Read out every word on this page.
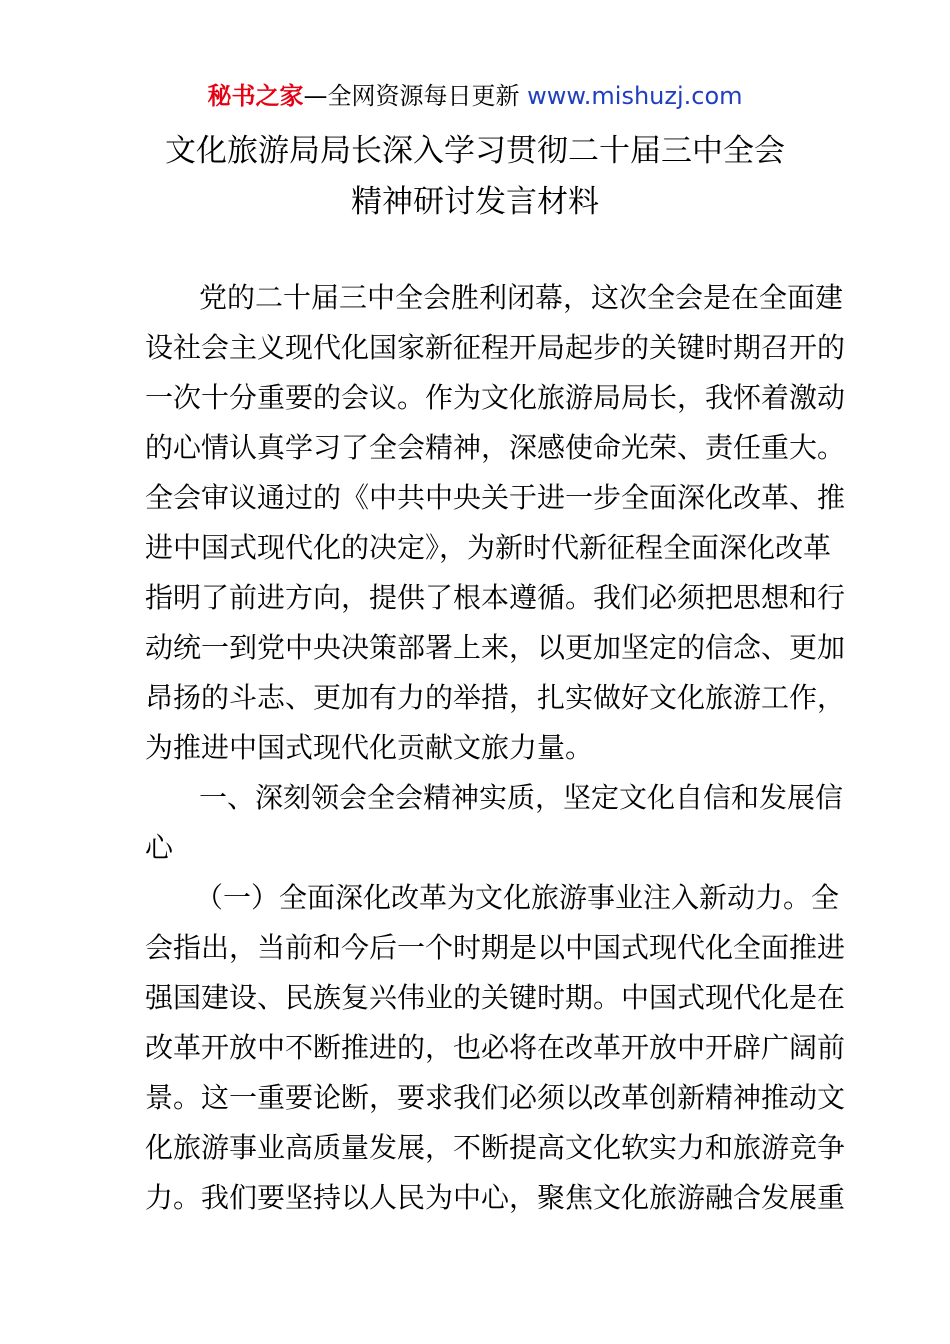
秘书之家—全网资源每日更新 www.mishuzj.com
文化旅游局局长深入学习贯彻二十届三中全会
精神研讨发言材料
党的二十届三中全会胜利闭幕，这次全会是在全面建
设社会主义现代化国家新征程开局起步的关键时期召开的
一次十分重要的会议。作为文化旅游局局长，我怀着激动
的心情认真学习了全会精神，深感使命光荣、责任重大。
全会审议通过的《中共中央关于进一步全面深化改革、推
进中国式现代化的决定》，为新时代新征程全面深化改革
指明了前进方向，提供了根本遵循。我们必须把思想和行
动统一到党中央决策部署上来，以更加坚定的信念、更加
昂扬的斗志、更加有力的举措，扎实做好文化旅游工作，
为推进中国式现代化贡献文旅力量。
一、深刻领会全会精神实质，坚定文化自信和发展信
心
（一）全面深化改革为文化旅游事业注入新动力。全
会指出，当前和今后一个时期是以中国式现代化全面推进
强国建设、民族复兴伟业的关键时期。中国式现代化是在
改革开放中不断推进的，也必将在改革开放中开辟广阔前
景。这一重要论断，要求我们必须以改革创新精神推动文
化旅游事业高质量发展，不断提高文化软实力和旅游竞争
力。我们要坚持以人民为中心，聚焦文化旅游融合发展重
